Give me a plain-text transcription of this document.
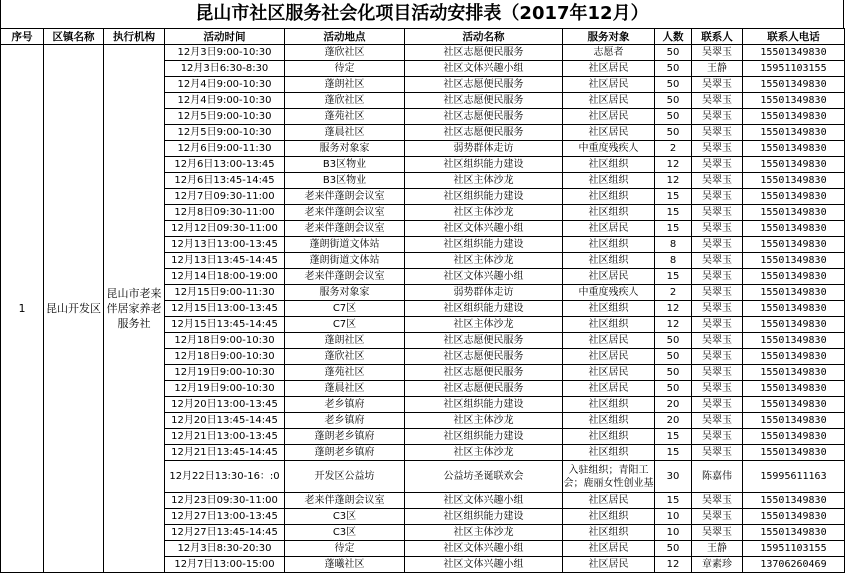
昆山市社区服务社会化项目活动安排表（2017年12月）
序号	区镇名称	执行机构	活动时间	活动地点	活动名称	服务对象	人数	联系人	联系人电话
1	昆山开发区	昆山市老来伴居家养老服务社	12月3日9:00-10:30	蓬欣社区	社区志愿便民服务	志愿者	50	吴翠玉	15501349830
			12月3日6:30-8:30	待定	社区文体兴趣小组	社区居民	50	王静	15951103155
			12月4日9:00-10:30	蓬朗社区	社区志愿便民服务	社区居民	50	吴翠玉	15501349830
			12月4日9:00-10:30	蓬欣社区	社区志愿便民服务	社区居民	50	吴翠玉	15501349830
			12月5日9:00-10:30	蓬苑社区	社区志愿便民服务	社区居民	50	吴翠玉	15501349830
			12月5日9:00-10:30	蓬晨社区	社区志愿便民服务	社区居民	50	吴翠玉	15501349830
			12月6日9:00-11:30	服务对象家	弱势群体走访	中重度残疾人	2	吴翠玉	15501349830
			12月6日13:00-13:45	B3区物业	社区组织能力建设	社区组织	12	吴翠玉	15501349830
			12月6日13:45-14:45	B3区物业	社区主体沙龙	社区组织	12	吴翠玉	15501349830
			12月7日09:30-11:00	老来伴蓬朗会议室	社区组织能力建设	社区组织	15	吴翠玉	15501349830
			12月8日09:30-11:00	老来伴蓬朗会议室	社区主体沙龙	社区组织	15	吴翠玉	15501349830
			12月12日09:30-11:00	老来伴蓬朗会议室	社区文体兴趣小组	社区居民	15	吴翠玉	15501349830
			12月13日13:00-13:45	蓬朗街道文体站	社区组织能力建设	社区组织	8	吴翠玉	15501349830
			12月13日13:45-14:45	蓬朗街道文体站	社区主体沙龙	社区组织	8	吴翠玉	15501349830
			12月14日18:00-19:00	老来伴蓬朗会议室	社区文体兴趣小组	社区居民	15	吴翠玉	15501349830
			12月15日9:00-11:30	服务对象家	弱势群体走访	中重度残疾人	2	吴翠玉	15501349830
			12月15日13:00-13:45	C7区	社区组织能力建设	社区组织	12	吴翠玉	15501349830
			12月15日13:45-14:45	C7区	社区主体沙龙	社区组织	12	吴翠玉	15501349830
			12月18日9:00-10:30	蓬朗社区	社区志愿便民服务	社区居民	50	吴翠玉	15501349830
			12月18日9:00-10:30	蓬欣社区	社区志愿便民服务	社区居民	50	吴翠玉	15501349830
			12月19日9:00-10:30	蓬苑社区	社区志愿便民服务	社区居民	50	吴翠玉	15501349830
			12月19日9:00-10:30	蓬晨社区	社区志愿便民服务	社区居民	50	吴翠玉	15501349830
			12月20日13:00-13:45	老乡镇府	社区组织能力建设	社区组织	20	吴翠玉	15501349830
			12月20日13:45-14:45	老乡镇府	社区主体沙龙	社区组织	20	吴翠玉	15501349830
			12月21日13:00-13:45	蓬朗老乡镇府	社区组织能力建设	社区组织	15	吴翠玉	15501349830
			12月21日13:45-14:45	蓬朗老乡镇府	社区主体沙龙	社区组织	15	吴翠玉	15501349830
			12月22日13:30-16：:0	开发区公益坊	公益坊圣诞联欢会	入驻组织；青阳工会；鹿丽女性创业基	30	陈嘉伟	15995611163
			12月23日09:30-11:00	老来伴蓬朗会议室	社区文体兴趣小组	社区居民	15	吴翠玉	15501349830
			12月27日13:00-13:45	C3区	社区组织能力建设	社区组织	10	吴翠玉	15501349830
			12月27日13:45-14:45	C3区	社区主体沙龙	社区组织	10	吴翠玉	15501349830
			12月3日8:30-20:30	待定	社区文体兴趣小组	社区居民	50	王静	15951103155
			12月7日13:00-15:00	蓬曦社区	社区文体兴趣小组	社区居民	12	章素珍	13706260469
